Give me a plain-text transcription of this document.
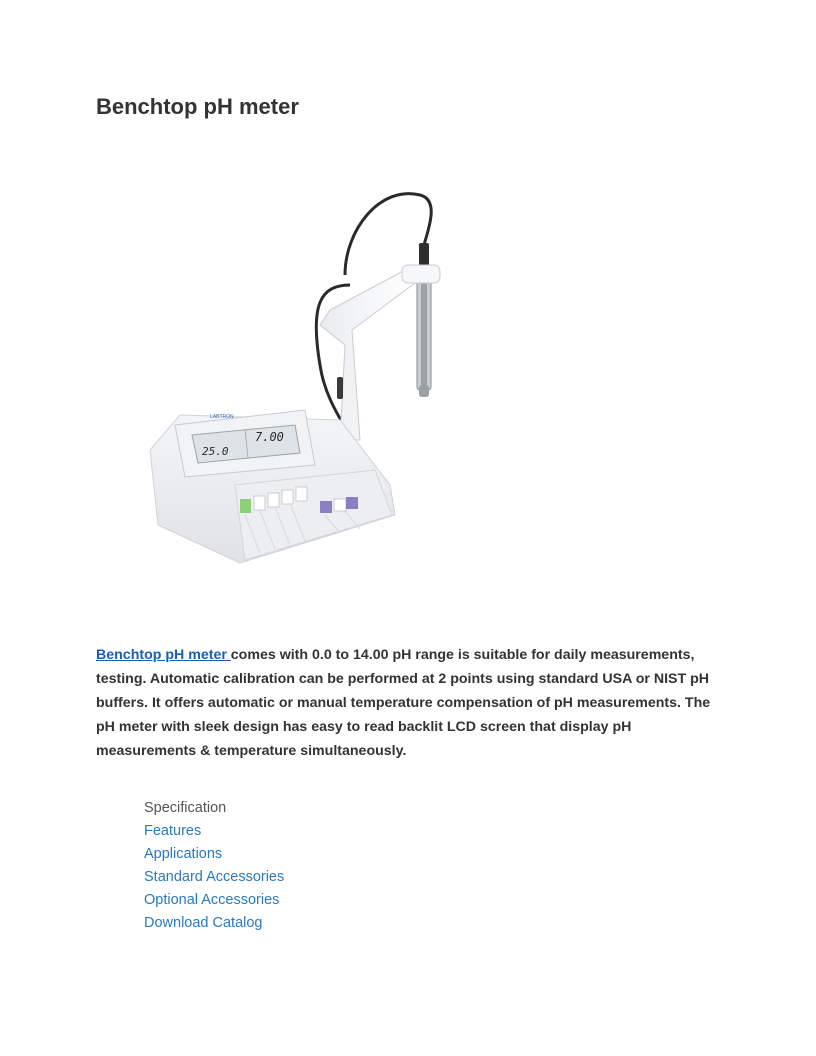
Benchtop pH meter
LABTRON
25.0
7.00

Benchtop pH meter comes with 0.0 to 14.00 pH range is suitable for daily measurements, testing. Automatic calibration can be performed at 2 points using standard USA or NIST pH buffers. It offers automatic or manual temperature compensation of pH measurements. The pH meter with sleek design has easy to read backlit LCD screen that display pH measurements & temperature simultaneously.

Specification
Features
Applications
Standard Accessories
Optional Accessories
Download Catalog
